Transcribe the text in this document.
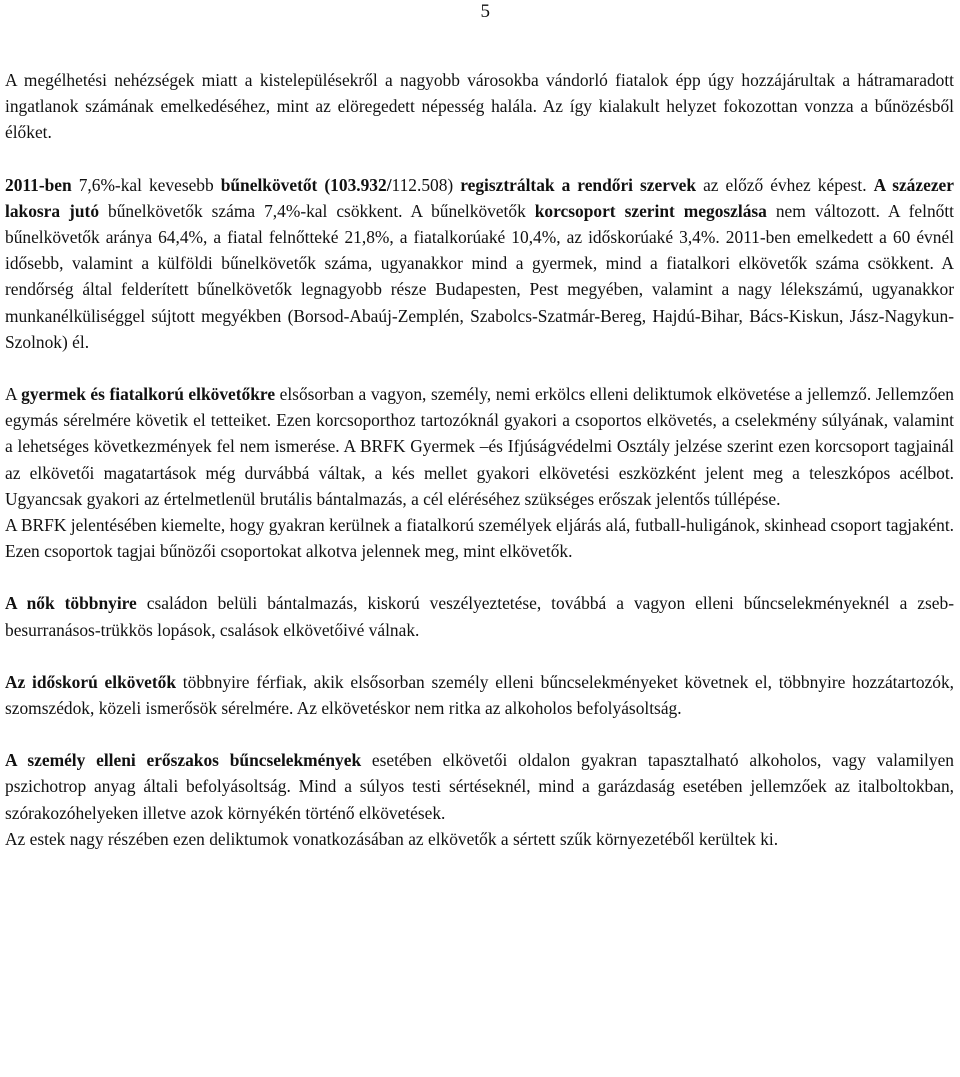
5

A megélhetési nehézségek miatt a kistelepülésekről a nagyobb városokba vándorló fiatalok épp úgy hozzájárultak a hátramaradott ingatlanok számának emelkedéséhez, mint az elöregedett népesség halála. Az így kialakult helyzet fokozottan vonzza a bűnözésből élőket.

2011-ben 7,6%-kal kevesebb bűnelkövetőt (103.932/112.508) regisztráltak a rendőri szervek az előző évhez képest. A százezer lakosra jutó bűnelkövetők száma 7,4%-kal csökkent. A bűnelkövetők korcsoport szerint megoszlása nem változott. A felnőtt bűnelkövetők aránya 64,4%, a fiatal felnőtteké 21,8%, a fiatalkorúaké 10,4%, az időskorúaké 3,4%. 2011-ben emelkedett a 60 évnél idősebb, valamint a külföldi bűnelkövetők száma, ugyanakkor mind a gyermek, mind a fiatalkori elkövetők száma csökkent. A rendőrség által felderített bűnelkövetők legnagyobb része Budapesten, Pest megyében, valamint a nagy lélekszámú, ugyanakkor munkanélküliséggel sújtott megyékben (Borsod-Abaúj-Zemplén, Szabolcs-Szatmár-Bereg, Hajdú-Bihar, Bács-Kiskun, Jász-Nagykun-Szolnok) él.

A gyermek és fiatalkorú elkövetőkre elsősorban a vagyon, személy, nemi erkölcs elleni deliktumok elkövetése a jellemző. Jellemzően egymás sérelmére követik el tetteiket. Ezen korcsoporthoz tartozóknál gyakori a csoportos elkövetés, a cselekmény súlyának, valamint a lehetséges következmények fel nem ismerése. A BRFK Gyermek –és Ifjúságvédelmi Osztály jelzése szerint ezen korcsoport tagjainál az elkövetői magatartások még durvábbá váltak, a kés mellet gyakori elkövetési eszközként jelent meg a teleszkópos acélbot. Ugyancsak gyakori az értelmetlenül brutális bántalmazás, a cél eléréséhez szükséges erőszak jelentős túllépése.

A BRFK jelentésében kiemelte, hogy gyakran kerülnek a fiatalkorú személyek eljárás alá, futball-huligánok, skinhead csoport tagjaként. Ezen csoportok tagjai bűnözői csoportokat alkotva jelennek meg, mint elkövetők.

A nők többnyire családon belüli bántalmazás, kiskorú veszélyeztetése, továbbá a vagyon elleni bűncselekményeknél a zseb-besurranásos-trükkös lopások, csalások elkövetőivé válnak.

Az időskorú elkövetők többnyire férfiak, akik elsősorban személy elleni bűncselekményeket követnek el, többnyire hozzátartozók, szomszédok, közeli ismerősök sérelmére. Az elkövetéskor nem ritka az alkoholos befolyásoltság.

A személy elleni erőszakos bűncselekmények esetében elkövetői oldalon gyakran tapasztalható alkoholos, vagy valamilyen pszichotrop anyag általi befolyásoltság. Mind a súlyos testi sértéseknél, mind a garázdaság esetében jellemzőek az italboltokban, szórakozóhelyeken illetve azok környékén történő elkövetések.

Az estek nagy részében ezen deliktumok vonatkozásában az elkövetők a sértett szűk környezetéből kerültek ki.
